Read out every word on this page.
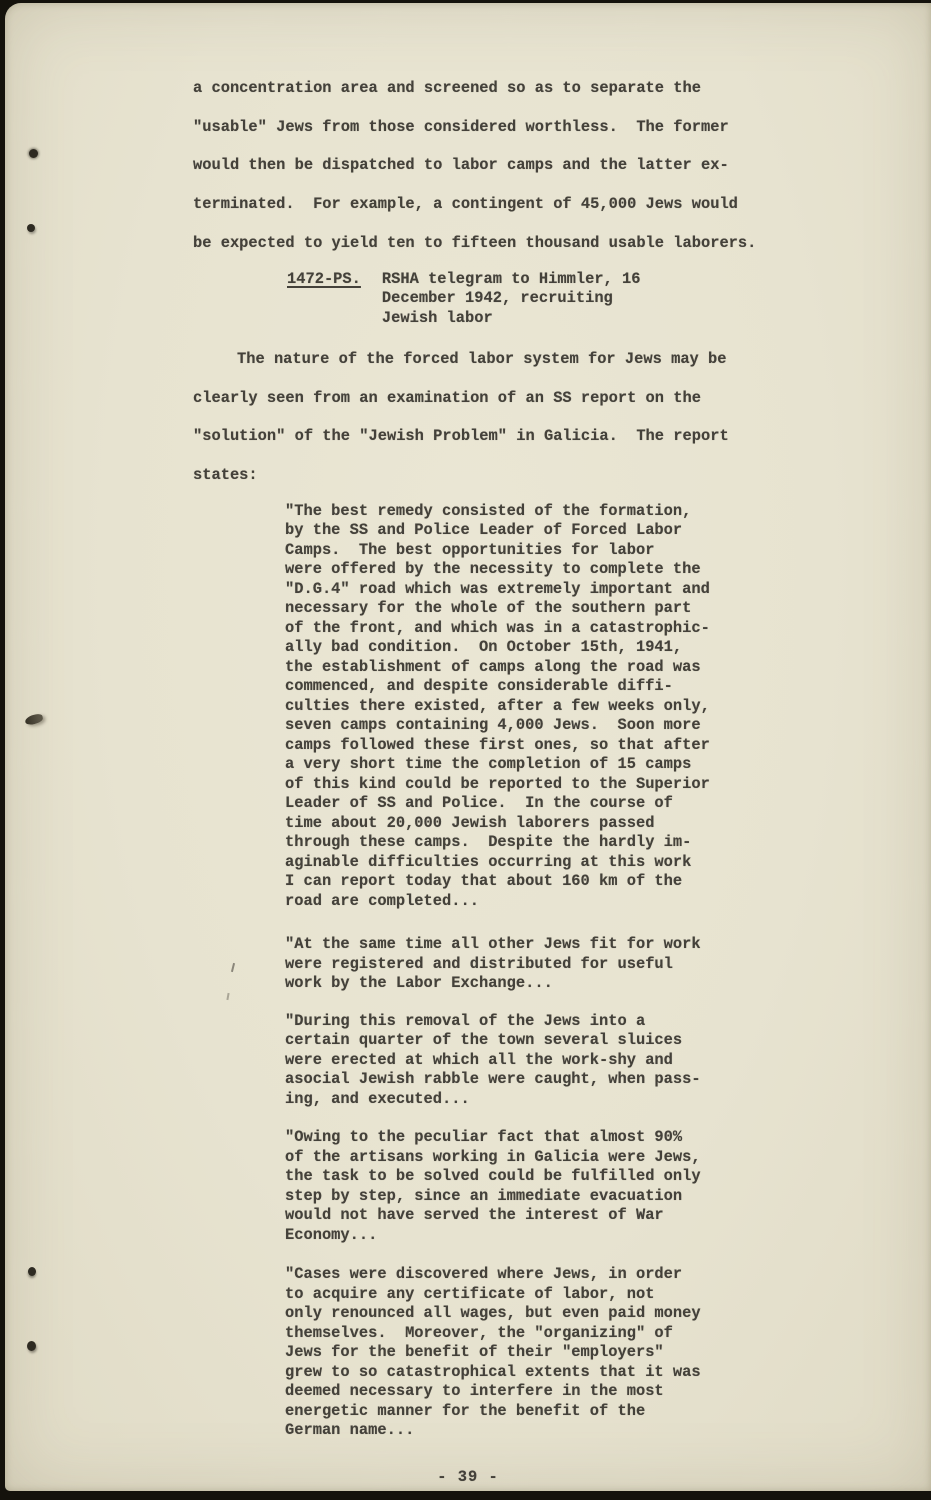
a concentration area and screened so as to separate the
"usable" Jews from those considered worthless.  The former
would then be dispatched to labor camps and the latter ex-
terminated.  For example, a contingent of 45,000 Jews would
be expected to yield ten to fifteen thousand usable laborers.
1472-PS. RSHA telegram to Himmler, 16
December 1942, recruiting
Jewish labor
The nature of the forced labor system for Jews may be
clearly seen from an examination of an SS report on the
"solution" of the "Jewish Problem" in Galicia.  The report
states:
"The best remedy consisted of the formation,
by the SS and Police Leader of Forced Labor
Camps.  The best opportunities for labor
were offered by the necessity to complete the
"D.G.4" road which was extremely important and
necessary for the whole of the southern part
of the front, and which was in a catastrophic-
ally bad condition.  On October 15th, 1941,
the establishment of camps along the road was
commenced, and despite considerable diffi-
culties there existed, after a few weeks only,
seven camps containing 4,000 Jews.  Soon more
camps followed these first ones, so that after
a very short time the completion of 15 camps
of this kind could be reported to the Superior
Leader of SS and Police.  In the course of
time about 20,000 Jewish laborers passed
through these camps.  Despite the hardly im-
aginable difficulties occurring at this work
I can report today that about 160 km of the
road are completed...
"At the same time all other Jews fit for work
were registered and distributed for useful
work by the Labor Exchange...
"During this removal of the Jews into a
certain quarter of the town several sluices
were erected at which all the work-shy and
asocial Jewish rabble were caught, when pass-
ing, and executed...
"Owing to the peculiar fact that almost 90%
of the artisans working in Galicia were Jews,
the task to be solved could be fulfilled only
step by step, since an immediate evacuation
would not have served the interest of War
Economy...
"Cases were discovered where Jews, in order
to acquire any certificate of labor, not
only renounced all wages, but even paid money
themselves.  Moreover, the "organizing" of
Jews for the benefit of their "employers"
grew to so catastrophical extents that it was
deemed necessary to interfere in the most
energetic manner for the benefit of the
German name...
- 39 -
